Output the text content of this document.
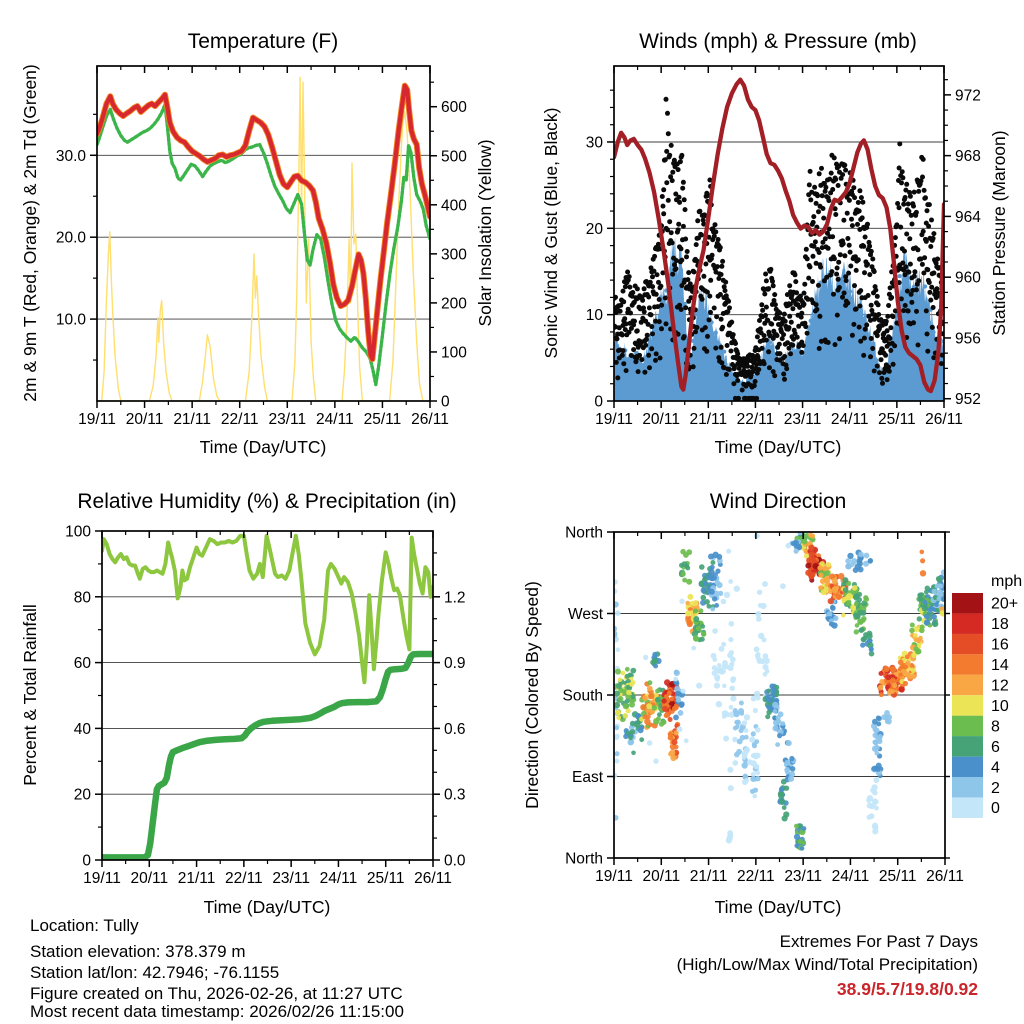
10.0
20.0
30.0
0
100
200
300
400
500
600
19/11 20/11 21/11 22/11 23/11 24/11 25/11 26/11
0
10
20
30
952
956
960
964
968
972
19/11 20/11 21/11 22/11 23/11 24/11 25/11 26/11
0
20
40
60
80
100
0.0
0.3
0.6
0.9
1.2
19/11 20/11 21/11 22/11 23/11 24/11 25/11 26/11
North
West
South
East
North
19/11 20/11 21/11 22/11 23/11 24/11 25/11 26/11
mph
20+
18
16
14
12
10
8
6
4
2
0
Temperature (F)	Winds (mph) & Pressure (mb)
Relative Humidity (%) & Precipitation (in)	Wind Direction
2m & 9m T (Red, Orange) & 2m Td (Green)	Solar Insolation (Yellow)	Sonic Wind & Gust (Blue, Black)	Station Pressure (Maroon)
Percent & Total Rainfall	Direction (Colored By Speed)
Time (Day/UTC)	Time (Day/UTC)
Time (Day/UTC)	Time (Day/UTC)
Location: Tully
Station elevation: 378.379 m
Station lat/lon: 42.7946; -76.1155
Figure created on Thu, 2026-02-26, at 11:27 UTC
Most recent data timestamp: 2026/02/26 11:15:00
Extremes For Past 7 Days
(High/Low/Max Wind/Total Precipitation)
38.9/5.7/19.8/0.92
